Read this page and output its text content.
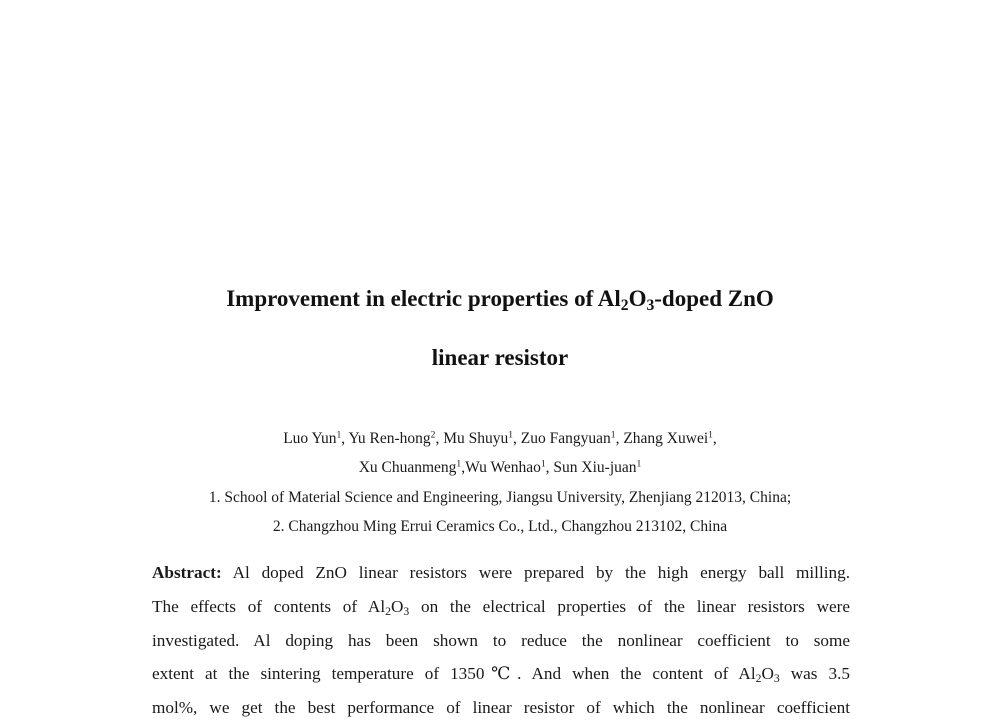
Improvement in electric properties of $Al_2O_3$-doped ZnO
linear resistor
Luo Yun$^1$, Yu Ren-hong$^2$, Mu Shuyu$^1$, Zuo Fangyuan$^1$, Zhang Xuwei$^1$,
Xu Chuanmeng$^1$,Wu Wenhao$^1$, Sun Xiu-juan$^1$
1. School of Material Science and Engineering, Jiangsu University, Zhenjiang 212013, China;
2. Changzhou Ming Errui Ceramics Co., Ltd., Changzhou 213102, China
Abstract: Al doped ZnO linear resistors were prepared by the high energy ball milling.
The effects of contents of $Al_2O_3$ on the electrical properties of the linear resistors were
investigated. Al doping has been shown to reduce the nonlinear coefficient to some
extent at the sintering temperature of 1350℃. And when the content of $Al_2O_3$ was 3.5
mol%, we get the best performance of linear resistor of which the nonlinear coefficient
